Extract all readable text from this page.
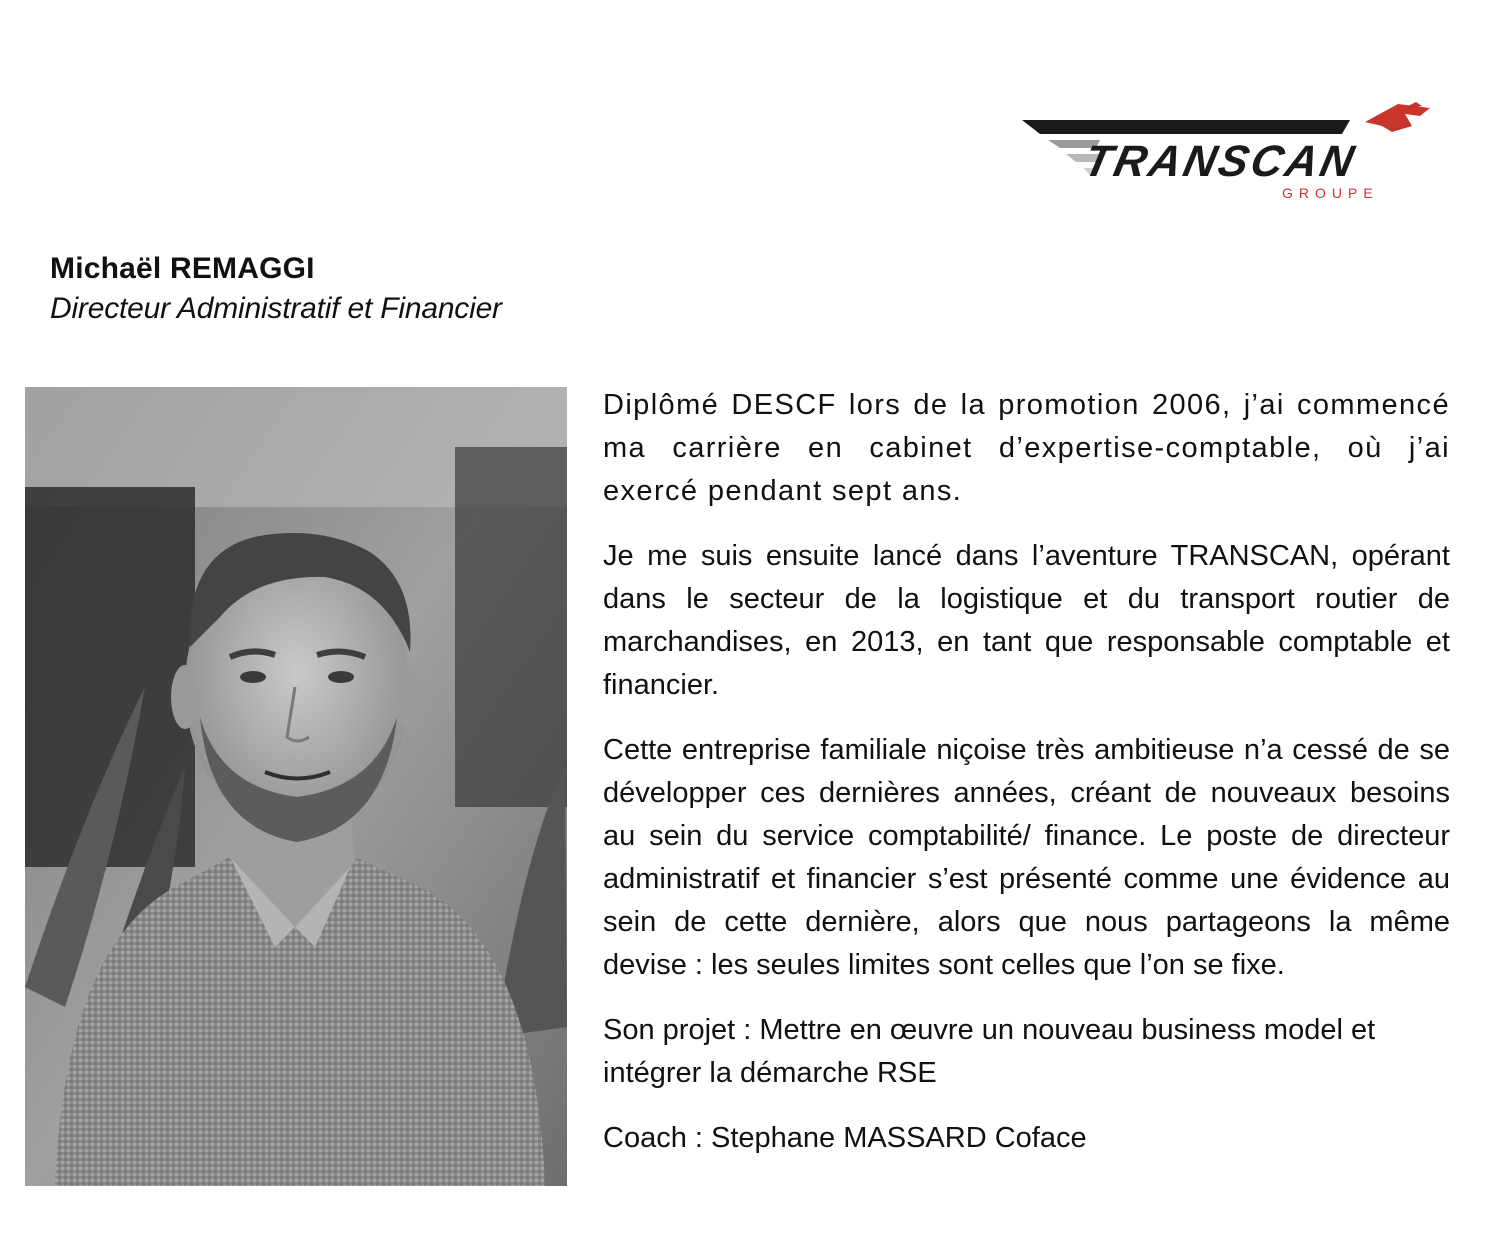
TRANSCAN
GROUPE
Michaël REMAGGI
Directeur Administratif et Financier

Diplômé DESCF lors de la promotion 2006, j’ai commencé ma carrière en cabinet d’expertise-comptable, où j’ai exercé pendant sept ans.

Je me suis ensuite lancé dans l’aventure TRANSCAN, opérant dans le secteur de la logistique et du transport routier de marchandises, en 2013, en tant que responsable comptable et financier.

Cette entreprise familiale niçoise très ambitieuse n’a cessé de se développer ces dernières années, créant de nouveaux besoins au sein du service comptabilité/ finance. Le poste de directeur administratif et financier s’est présenté comme une évidence au sein de cette dernière, alors que nous partageons la même devise : les seules limites sont celles que l’on se fixe.

Son projet : Mettre en œuvre un nouveau business model et intégrer la démarche RSE

Coach : Stephane MASSARD Coface
